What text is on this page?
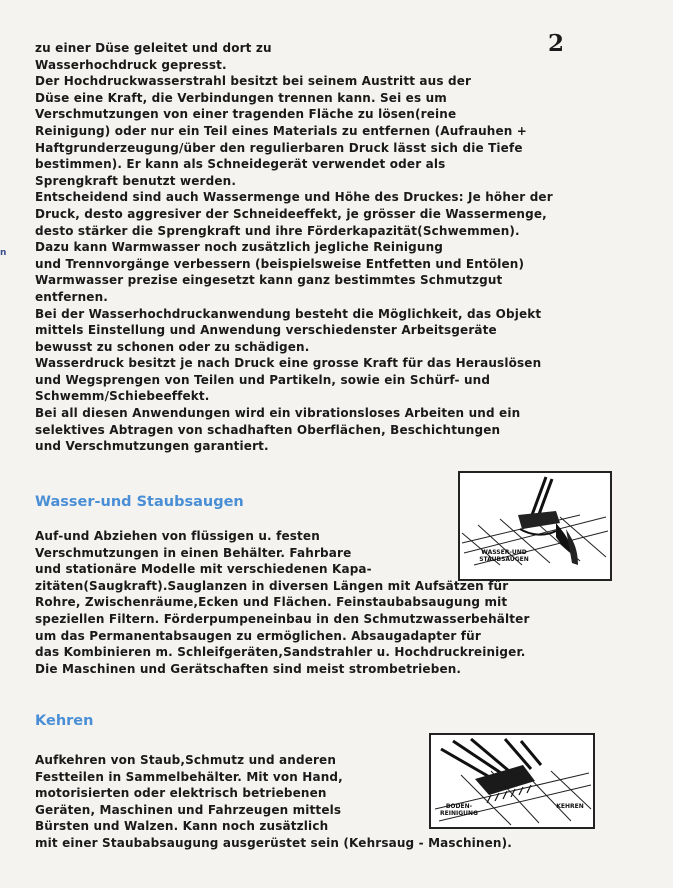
2
n
zu einer Düse geleitet und dort zu
Wasserhochdruck gepresst.
Der Hochdruckwasserstrahl besitzt bei seinem Austritt aus der
Düse eine Kraft, die Verbindungen trennen kann. Sei es um
Verschmutzungen von einer tragenden Fläche zu lösen(reine
Reinigung) oder nur ein Teil eines Materials zu entfernen (Aufrauhen +
Haftgrunderzeugung/über den regulierbaren Druck lässt sich die Tiefe
bestimmen). Er kann als Schneidegerät verwendet oder als
Sprengkraft benutzt werden.
Entscheidend sind auch Wassermenge und Höhe des Druckes: Je höher der
Druck, desto aggresiver der Schneideeffekt, je grösser die Wassermenge,
desto stärker die Sprengkraft und ihre Förderkapazität(Schwemmen).
Dazu kann Warmwasser noch zusätzlich jegliche Reinigung
und Trennvorgänge verbessern (beispielsweise Entfetten und Entölen)
Warmwasser prezise eingesetzt kann ganz bestimmtes Schmutzgut
entfernen.
Bei der Wasserhochdruckanwendung besteht die Möglichkeit, das Objekt
mittels Einstellung und Anwendung verschiedenster Arbeitsgeräte
bewusst zu schonen oder zu schädigen.
Wasserdruck besitzt je nach Druck eine grosse Kraft für das Herauslösen
und Wegsprengen von Teilen und Partikeln, sowie ein Schürf- und
Schwemm/Schiebeeffekt.
Bei all diesen Anwendungen wird ein vibrationsloses Arbeiten und ein
selektives Abtragen von schadhaften Oberflächen, Beschichtungen
und Verschmutzungen garantiert.
Wasser-und Staubsaugen
WASSER-UND
STAUBSAUGEN
Auf-und Abziehen von flüssigen u. festen
Verschmutzungen in einen Behälter. Fahrbare
und stationäre Modelle mit verschiedenen Kapa-
zitäten(Saugkraft).Sauglanzen in diversen Längen mit Aufsätzen für
Rohre, Zwischenräume,Ecken und Flächen. Feinstaubabsaugung mit
speziellen Filtern. Förderpumpeneinbau in den Schmutzwasserbehälter
um das Permanentabsaugen zu ermöglichen. Absaugadapter für
das Kombinieren m. Schleifgeräten,Sandstrahler u. Hochdruckreiniger.
Die Maschinen und Gerätschaften sind meist strombetrieben.
Kehren
BODEN-
REINIGUNG
KEHREN
Aufkehren von Staub,Schmutz und anderen
Festteilen in Sammelbehälter. Mit von Hand,
motorisierten oder elektrisch betriebenen
Geräten, Maschinen und Fahrzeugen mittels
Bürsten und Walzen. Kann noch zusätzlich
mit einer Staubabsaugung ausgerüstet sein (Kehrsaug - Maschinen).
